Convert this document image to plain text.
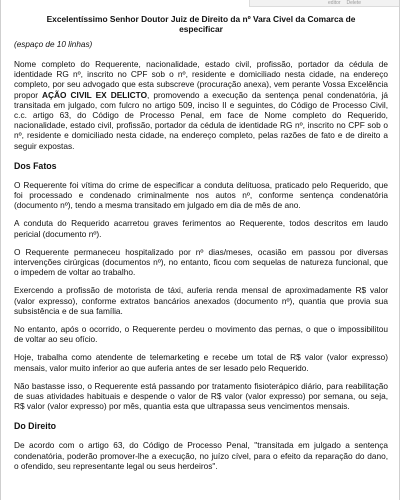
editor Delete
Excelentíssimo Senhor Doutor Juiz de Direito da nº Vara Civel da Comarca de especificar
(espaço de 10 linhas)
Nome completo do Requerente, nacionalidade, estado civil, profissão, portador da cédula de identidade RG nº, inscrito no CPF sob o nº, residente e domiciliado nesta cidade, na endereço completo, por seu advogado que esta subscreve (procuração anexa), vem perante Vossa Excelência propor AÇÃO CIVIL EX DELICTO, promovendo a execução da sentença penal condenatória, já transitada em julgado, com fulcro no artigo 509, inciso II e seguintes, do Código de Processo Civil, c.c. artigo 63, do Código de Processo Penal, em face de Nome completo do Requerido, nacionalidade, estado civil, profissão, portador da cédula de identidade RG nº, inscrito no CPF sob o nº, residente e domiciliado nesta cidade, na endereço completo, pelas razões de fato e de direito a seguir expostas.
Dos Fatos
O Requerente foi vítima do crime de especificar a conduta delituosa, praticado pelo Requerido, que foi processado e condenado criminalmente nos autos nº, conforme sentença condenatória (documento nº), tendo a mesma transitado em julgado em dia de mês de ano.
A conduta do Requerido acarretou graves ferimentos ao Requerente, todos descritos em laudo pericial (documento nº).
O Requerente permaneceu hospitalizado por nº dias/meses, ocasião em passou por diversas intervenções cirúrgicas (documentos nº), no entanto, ficou com sequelas de natureza funcional, que o impedem de voltar ao trabalho.
Exercendo a profissão de motorista de táxi, auferia renda mensal de aproximadamente R$ valor (valor expresso), conforme extratos bancários anexados (documento nº), quantia que provia sua subsistência e de sua família.
No entanto, após o ocorrido, o Requerente perdeu o movimento das pernas, o que o impossibilitou de voltar ao seu ofício.
Hoje, trabalha como atendente de telemarketing e recebe um total de R$ valor (valor expresso) mensais, valor muito inferior ao que auferia antes de ser lesado pelo Requerido.
Não bastasse isso, o Requerente está passando por tratamento fisioterápico diário, para reabilitação de suas atividades habituais e despende o valor de R$ valor (valor expresso) por semana, ou seja, R$ valor (valor expresso) por mês, quantia esta que ultrapassa seus vencimentos mensais.
Do Direito
De acordo com o artigo 63, do Código de Processo Penal, "transitada em julgado a sentença condenatória, poderão promover-lhe a execução, no juízo cível, para o efeito da reparação do dano, o ofendido, seu representante legal ou seus herdeiros".
